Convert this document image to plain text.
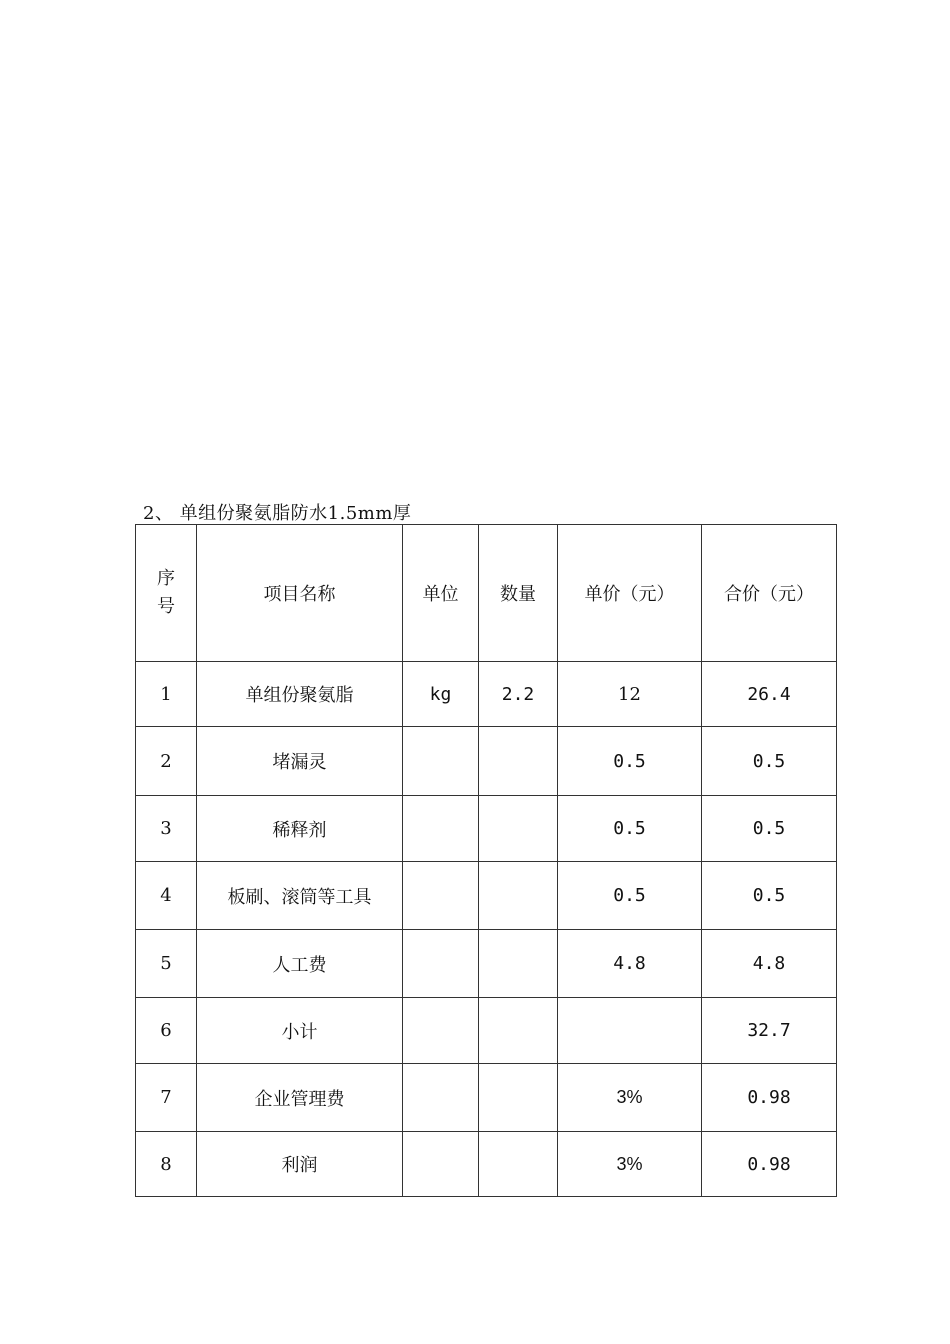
2、 单组份聚氨脂防水1.5mm厚
序号	项目名称	单位	数量	单价（元）	合价（元）
1	单组份聚氨脂	kg	2.2	12	26.4
2	堵漏灵			0.5	0.5
3	稀释剂			0.5	0.5
4	板刷、滚筒等工具			0.5	0.5
5	人工费			4.8	4.8
6	小计				32.7
7	企业管理费			3%	0.98
8	利润			3%	0.98
